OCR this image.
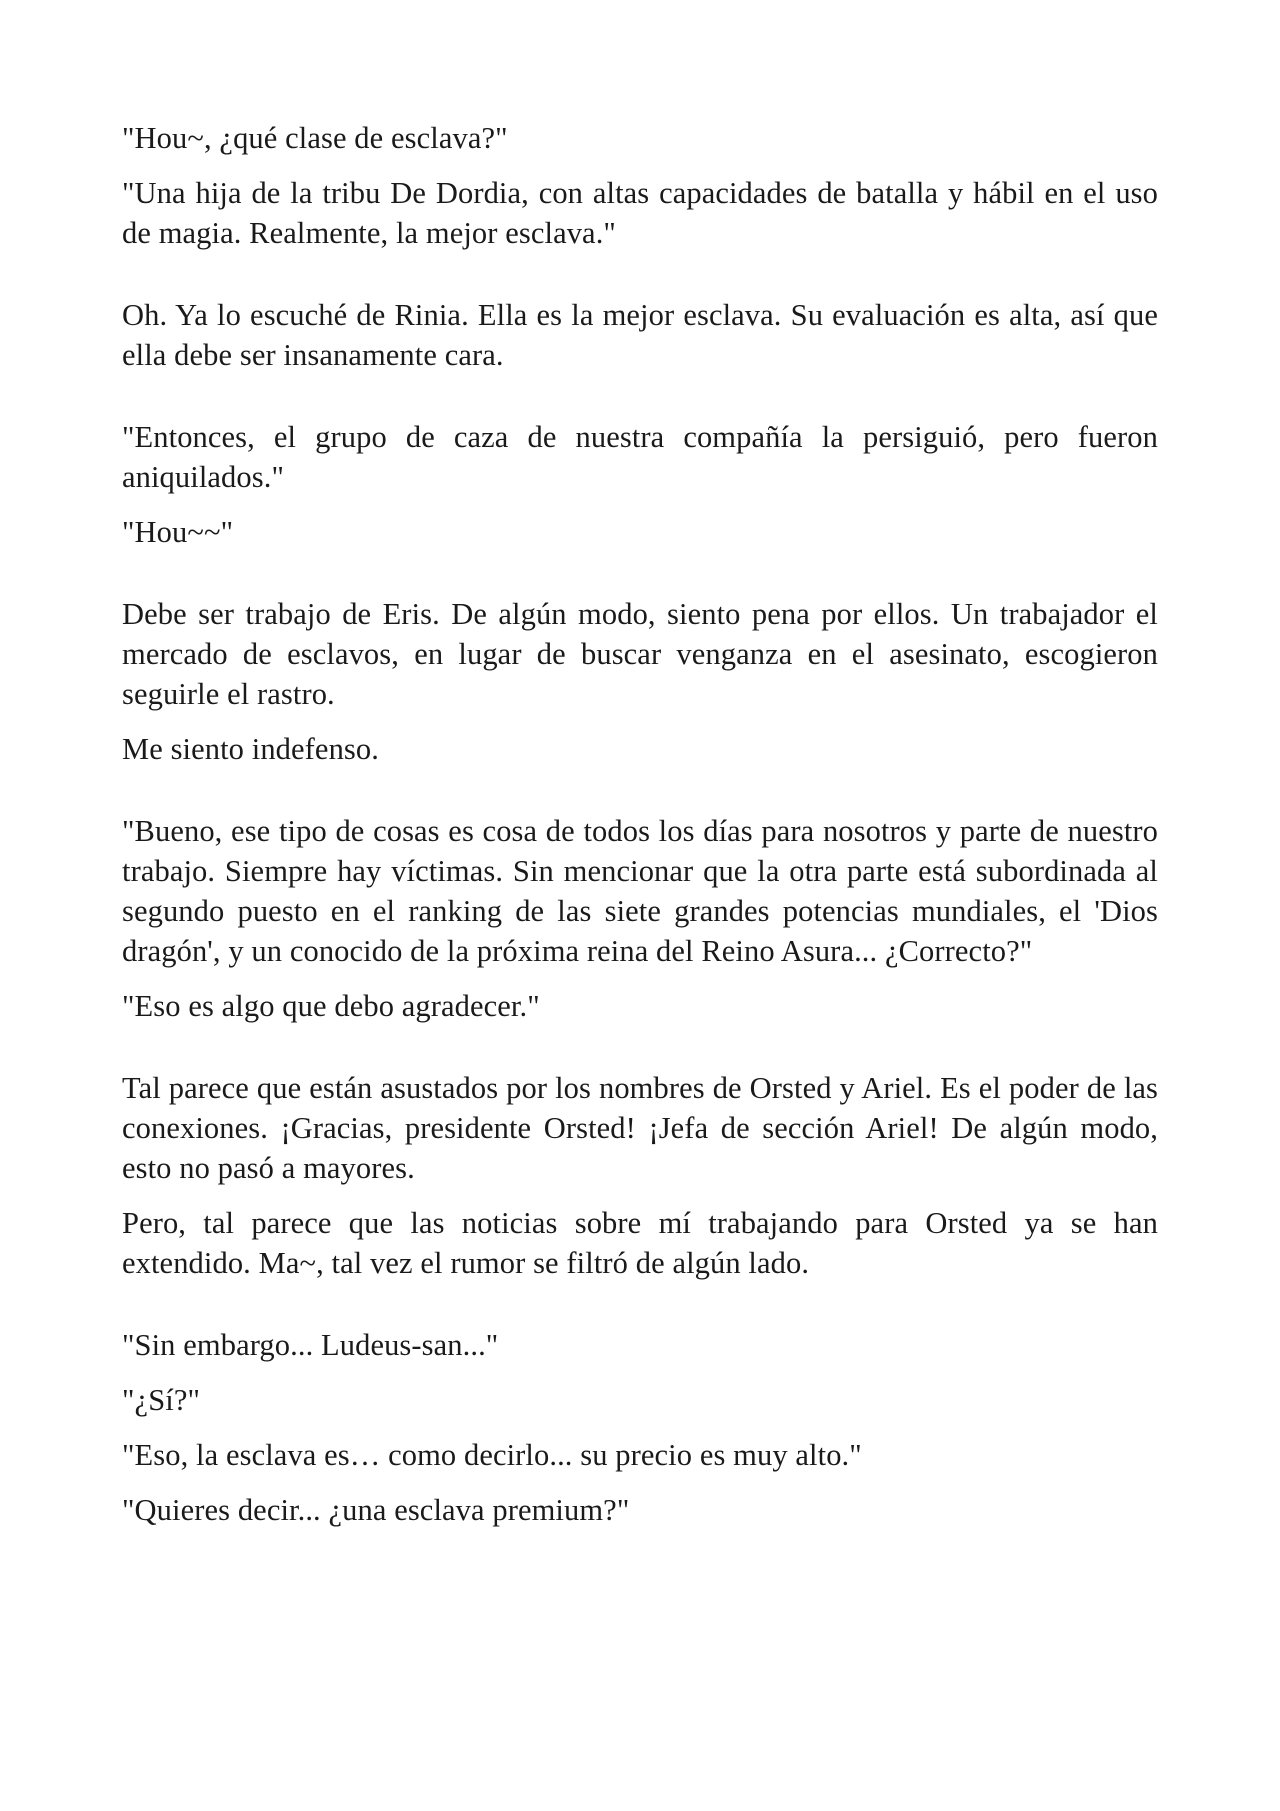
"Hou~, ¿qué clase de esclava?"

"Una hija de la tribu De Dordia, con altas capacidades de batalla y hábil en el uso de magia. Realmente, la mejor esclava."

Oh. Ya lo escuché de Rinia. Ella es la mejor esclava. Su evaluación es alta, así que ella debe ser insanamente cara.

"Entonces, el grupo de caza de nuestra compañía la persiguió, pero fueron aniquilados."

"Hou~~"

Debe ser trabajo de Eris. De algún modo, siento pena por ellos. Un trabajador el mercado de esclavos, en lugar de buscar venganza en el asesinato, escogieron seguirle el rastro.

Me siento indefenso.

"Bueno, ese tipo de cosas es cosa de todos los días para nosotros y parte de nuestro trabajo. Siempre hay víctimas. Sin mencionar que la otra parte está subordinada al segundo puesto en el ranking de las siete grandes potencias mundiales, el 'Dios dragón', y un conocido de la próxima reina del Reino Asura... ¿Correcto?"

"Eso es algo que debo agradecer."

Tal parece que están asustados por los nombres de Orsted y Ariel. Es el poder de las conexiones. ¡Gracias, presidente Orsted! ¡Jefa de sección Ariel! De algún modo, esto no pasó a mayores.

Pero, tal parece que las noticias sobre mí trabajando para Orsted ya se han extendido. Ma~, tal vez el rumor se filtró de algún lado.

"Sin embargo... Ludeus-san..."

"¿Sí?"

"Eso, la esclava es… como decirlo... su precio es muy alto."

"Quieres decir... ¿una esclava premium?"
